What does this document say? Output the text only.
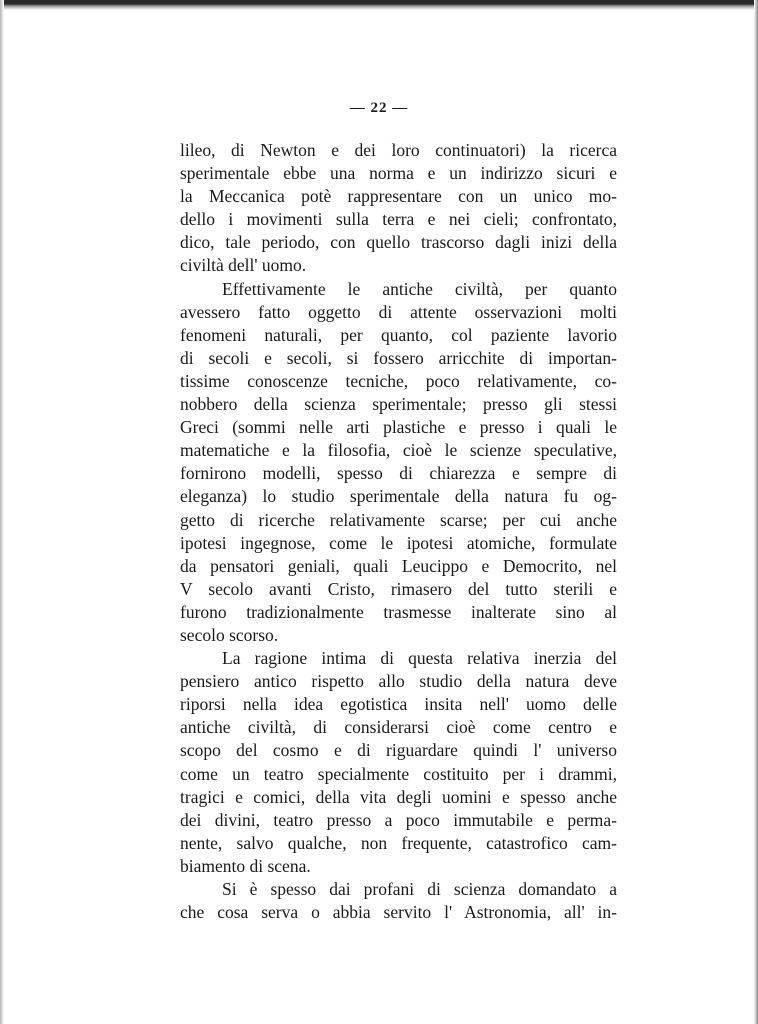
— 22 —
lileo, di Newton e dei loro continuatori) la ricerca
sperimentale ebbe una norma e un indirizzo sicuri e
la Meccanica potè rappresentare con un unico mo-
dello i movimenti sulla terra e nei cieli; confrontato,
dico, tale periodo, con quello trascorso dagli inizi della
civiltà dell' uomo.
Effettivamente le antiche civiltà, per quanto
avessero fatto oggetto di attente osservazioni molti
fenomeni naturali, per quanto, col paziente lavorio
di secoli e secoli, si fossero arricchite di importan-
tissime conoscenze tecniche, poco relativamente, co-
nobbero della scienza sperimentale; presso gli stessi
Greci (sommi nelle arti plastiche e presso i quali le
matematiche e la filosofia, cioè le scienze speculative,
fornirono modelli, spesso di chiarezza e sempre di
eleganza) lo studio sperimentale della natura fu og-
getto di ricerche relativamente scarse; per cui anche
ipotesi ingegnose, come le ipotesi atomiche, formulate
da pensatori geniali, quali Leucippo e Democrito, nel
V secolo avanti Cristo, rimasero del tutto sterili e
furono tradizionalmente trasmesse inalterate sino al
secolo scorso.
La ragione intima di questa relativa inerzia del
pensiero antico rispetto allo studio della natura deve
riporsi nella idea egotistica insita nell' uomo delle
antiche civiltà, di considerarsi cioè come centro e
scopo del cosmo e di riguardare quindi l' universo
come un teatro specialmente costituito per i drammi,
tragici e comici, della vita degli uomini e spesso anche
dei divini, teatro presso a poco immutabile e perma-
nente, salvo qualche, non frequente, catastrofico cam-
biamento di scena.
Si è spesso dai profani di scienza domandato a
che cosa serva o abbia servito l' Astronomia, all' in-
